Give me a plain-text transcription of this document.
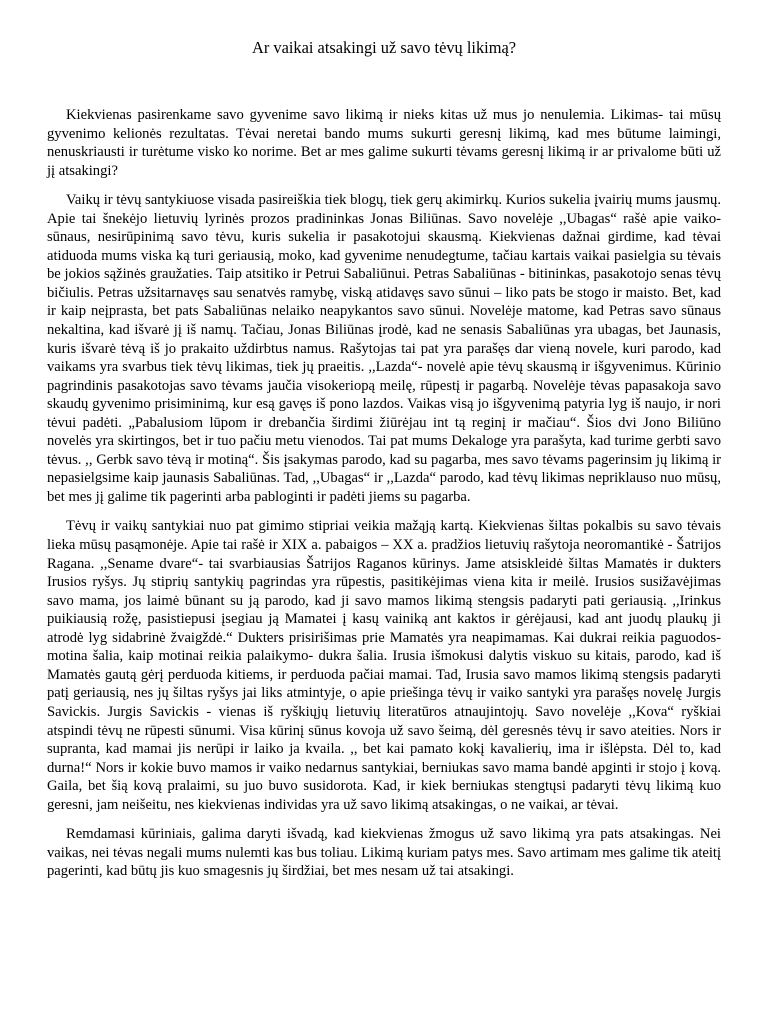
Ar vaikai atsakingi už savo tėvų likimą?

Kiekvienas pasirenkame savo gyvenime savo likimą ir nieks kitas už mus jo nenulemia. Likimas- tai mūsų gyvenimo kelionės rezultatas. Tėvai neretai bando mums sukurti geresnį likimą, kad mes būtume laimingi, nenuskriausti ir turėtume visko ko norime. Bet ar mes galime sukurti tėvams geresnį likimą ir ar privalome būti už jį atsakingi?

Vaikų ir tėvų santykiuose visada pasireiškia tiek blogų, tiek gerų akimirkų. Kurios sukelia įvairių mums jausmų. Apie tai šnekėjo lietuvių lyrinės prozos pradininkas Jonas Biliūnas. Savo novelėje ,,Ubagas“ rašė apie vaiko- sūnaus, nesirūpinimą savo tėvu, kuris sukelia ir pasakotojui skausmą. Kiekvienas dažnai girdime, kad tėvai atiduoda mums viska ką turi geriausią, moko, kad gyvenime nenudegtume, tačiau kartais vaikai pasielgia su tėvais be jokios sąžinės graužaties. Taip atsitiko ir Petrui Sabaliūnui. Petras Sabaliūnas - bitininkas, pasakotojo senas tėvų bičiulis. Petras užsitarnavęs sau senatvės ramybę, viską atidavęs savo sūnui – liko pats be stogo ir maisto. Bet, kad ir kaip neįprasta, bet pats Sabaliūnas nelaiko neapykantos savo sūnui. Novelėje matome, kad Petras savo sūnaus nekaltina, kad išvarė jį iš namų. Tačiau, Jonas Biliūnas įrodė, kad ne senasis Sabaliūnas yra ubagas, bet Jaunasis, kuris išvarė tėvą iš jo prakaito uždirbtus namus. Rašytojas tai pat yra parašęs dar vieną novele, kuri parodo, kad vaikams yra svarbus tiek tėvų likimas, tiek jų praeitis. ,,Lazda“- novelė apie tėvų skausmą ir išgyvenimus. Kūrinio pagrindinis pasakotojas savo tėvams jaučia visokeriopą meilę, rūpestį ir pagarbą. Novelėje tėvas papasakoja savo skaudų gyvenimo prisiminimą, kur esą gavęs iš pono lazdos. Vaikas visą jo išgyvenimą patyria lyg iš naujo, ir nori tėvui padėti. „Pabalusiom lūpom ir drebančia širdimi žiūrėjau int tą reginį ir mačiau“. Šios dvi Jono Biliūno novelės yra skirtingos, bet ir tuo pačiu metu vienodos. Tai pat mums Dekaloge yra parašyta, kad turime gerbti savo tėvus. ,, Gerbk savo tėvą ir motiną“. Šis įsakymas parodo, kad su pagarba, mes savo tėvams pagerinsim jų likimą ir nepasielgsime kaip jaunasis Sabaliūnas. Tad, ,,Ubagas“ ir ,,Lazda“ parodo, kad tėvų likimas nepriklauso nuo mūsų, bet mes jį galime tik pagerinti arba pabloginti ir padėti jiems su pagarba.

Tėvų ir vaikų santykiai nuo pat gimimo stipriai veikia mažąją kartą. Kiekvienas šiltas pokalbis su savo tėvais lieka mūsų pasąmonėje. Apie tai rašė ir XIX a. pabaigos – XX a. pradžios lietuvių rašytoja neoromantikė - Šatrijos Ragana. ,,Sename dvare“- tai svarbiausias Šatrijos Raganos kūrinys. Jame atsiskleidė šiltas Mamatės ir dukters Irusios ryšys. Jų stiprių santykių pagrindas yra rūpestis, pasitikėjimas viena kita ir meilė. Irusios susižavėjimas savo mama, jos laimė būnant su ją parodo, kad ji savo mamos likimą stengsis padaryti pati geriausią. ,,Irinkus puikiausią rožę, pasistiepusi įsegiau ją Mamatei į kasų vainiką ant kaktos ir gėrėjausi, kad ant juodų plaukų ji atrodė lyg sidabrinė žvaigždė.“ Dukters prisirišimas prie Mamatės yra neapimamas. Kai dukrai reikia paguodos- motina šalia, kaip motinai reikia palaikymo- dukra šalia. Irusia išmokusi dalytis viskuo su kitais, parodo, kad iš Mamatės gautą gėrį perduoda kitiems, ir perduoda pačiai mamai. Tad, Irusia savo mamos likimą stengsis padaryti patį geriausią, nes jų šiltas ryšys jai liks atmintyje, o apie priešinga tėvų ir vaiko santyki yra parašęs novelę Jurgis Savickis. Jurgis Savickis - vienas iš ryškiųjų lietuvių literatūros atnaujintojų. Savo novelėje ,,Kova“ ryškiai atspindi tėvų ne rūpesti sūnumi. Visa kūrinį sūnus kovoja už savo šeimą, dėl geresnės tėvų ir savo ateities. Nors ir supranta, kad mamai jis nerūpi ir laiko ja kvaila. ,, bet kai pamato kokį kavalierių, ima ir išlėpsta. Dėl to, kad durna!“ Nors ir kokie buvo mamos ir vaiko nedarnus santykiai, berniukas savo mama bandė apginti ir stojo į kovą. Gaila, bet šią kovą pralaimi, su juo buvo susidorota. Kad, ir kiek berniukas stengtųsi padaryti tėvų likimą kuo geresni, jam neišeitu, nes kiekvienas individas yra už savo likimą atsakingas, o ne vaikai, ar tėvai.

Remdamasi kūriniais, galima daryti išvadą, kad kiekvienas žmogus už savo likimą yra pats atsakingas. Nei vaikas, nei tėvas negali mums nulemti kas bus toliau. Likimą kuriam patys mes. Savo artimam mes galime tik ateitį pagerinti, kad būtų jis kuo smagesnis jų širdžiai, bet mes nesam už tai atsakingi.
